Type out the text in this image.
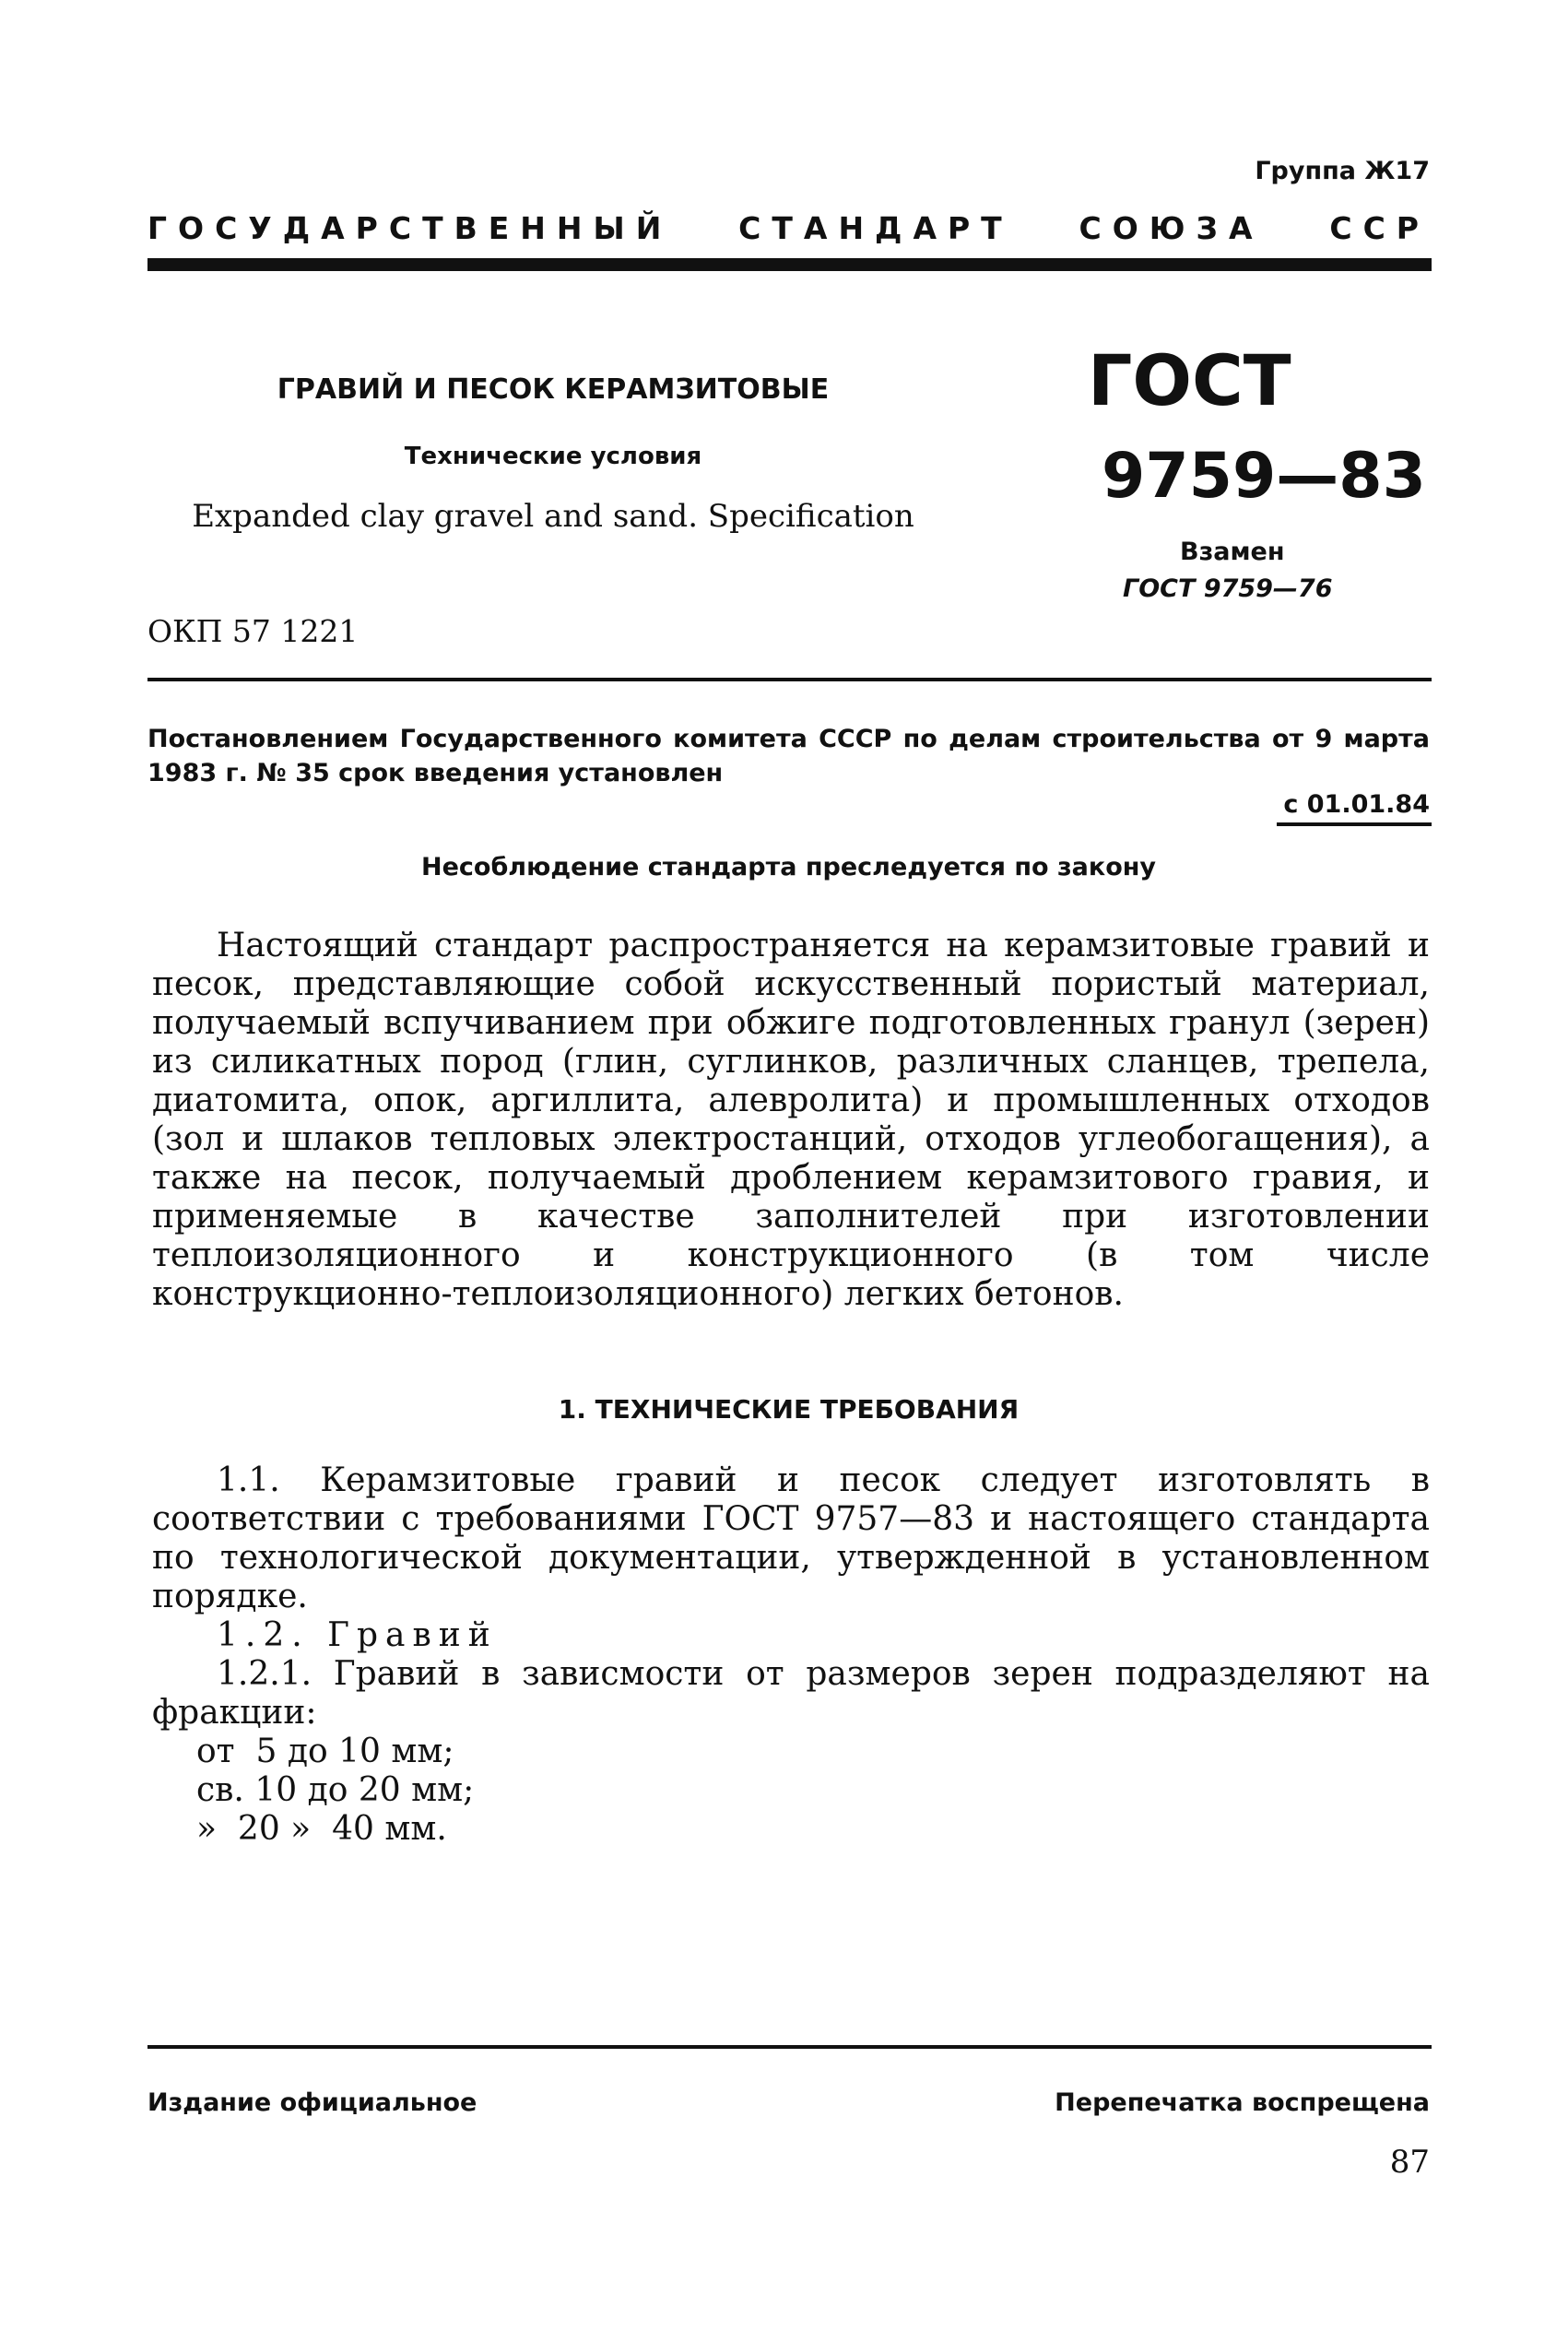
Группа Ж17
ГОСУДАРСТВЕННЫЙ СТАНДАРТ СОЮЗА ССР
ГРАВИЙ И ПЕСОК КЕРАМЗИТОВЫЕ
Технические условия
Expanded clay gravel and sand. Specification
ОКП 57 1221
ГОСТ
9759—83
Взамен
ГОСТ 9759—76
Постановлением Государственного комитета СССР по делам строительства от 9 марта 1983 г. № 35 срок введения установлен
с 01.01.84
Несоблюдение стандарта преследуется по закону

Настоящий стандарт распространяется на керамзитовые гравий и песок, представляющие собой искусственный пористый материал, получаемый вспучиванием при обжиге подготовленных гранул (зерен) из силикатных пород (глин, суглинков, различных сланцев, трепела, диатомита, опок, аргиллита, алевролита) и промышленных отходов (зол и шлаков тепловых электростанций, отходов углеобогащения), а также на песок, получаемый дроблением керамзитового гравия, и применяемые в качестве заполнителей при изготовлении теплоизоляционного и конструкционного (в том числе конструкционно-теплоизоляционного) легких бетонов.

1. ТЕХНИЧЕСКИЕ ТРЕБОВАНИЯ

1.1. Керамзитовые гравий и песок следует изготовлять в соответствии с требованиями ГОСТ 9757—83 и настоящего стандарта по технологической документации, утвержденной в установленном порядке.

1.2. Гравий

1.2.1. Гравий в зависмости от размеров зерен подразделяют на фракции:

от  5 до 10 мм;

св. 10 до 20 мм;

»  20 »  40 мм.

Издание официальное	Перепечатка воспрещена
87
